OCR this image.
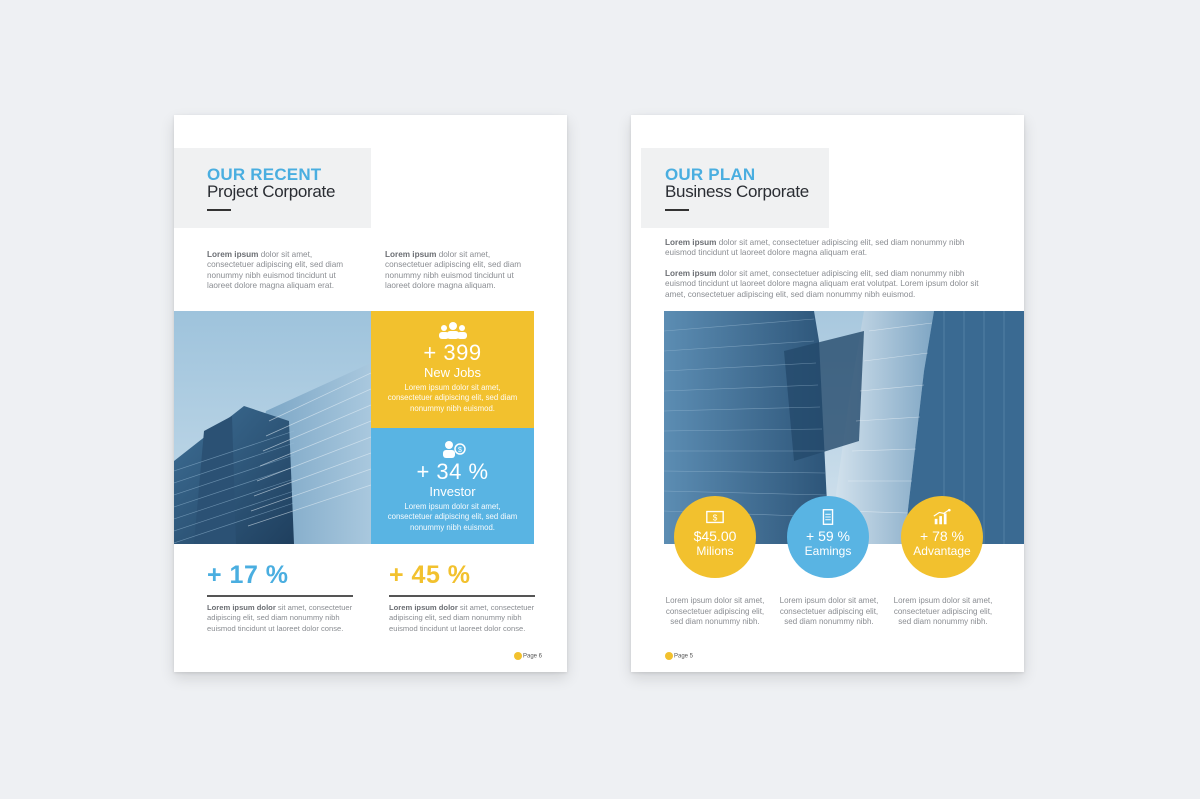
OUR RECENT
Project Corporate
Lorem ipsum dolor sit amet, consectetuer adipiscing elit, sed diam nonummy nibh euismod tincidunt ut laoreet dolore magna aliquam erat.
Lorem ipsum dolor sit amet, consectetuer adipiscing elit, sed diam nonummy nibh euismod tincidunt ut laoreet dolore magna aliquam.
+ 399
New Jobs
Lorem ipsum dolor sit amet, consectetuer adipiscing elit, sed diam nonummy nibh euismod.
$
+ 34 %
Investor
Lorem ipsum dolor sit amet, consectetuer adipiscing elit, sed diam nonummy nibh euismod.
+ 17 %
Lorem ipsum dolor sit amet, consectetuer adipiscing elit, sed diam nonummy nibh euismod tincidunt ut laoreet dolor conse.
+ 45 %
Lorem ipsum dolor sit amet, consectetuer adipiscing elit, sed diam nonummy nibh euismod tincidunt ut laoreet dolor conse.
Page 6
OUR PLAN
Business Corporate
Lorem ipsum dolor sit amet, consectetuer adipiscing elit, sed diam nonummy nibh euismod tincidunt ut laoreet dolore magna aliquam erat.
Lorem ipsum dolor sit amet, consectetuer adipiscing elit, sed diam nonummy nibh euismod tincidunt ut laoreet dolore magna aliquam erat volutpat. Lorem ipsum dolor sit amet, consectetuer adipiscing elit, sed diam nonummy nibh euismod.
$
$45.00
Milions
+ 59 %
Eamings
+ 78 %
Advantage
Lorem ipsum dolor sit amet, consectetuer adipiscing elit, sed diam nonummy nibh.
Lorem ipsum dolor sit amet, consectetuer adipiscing elit, sed diam nonummy nibh.
Lorem ipsum dolor sit amet, consectetuer adipiscing elit, sed diam nonummy nibh.
Page 5
